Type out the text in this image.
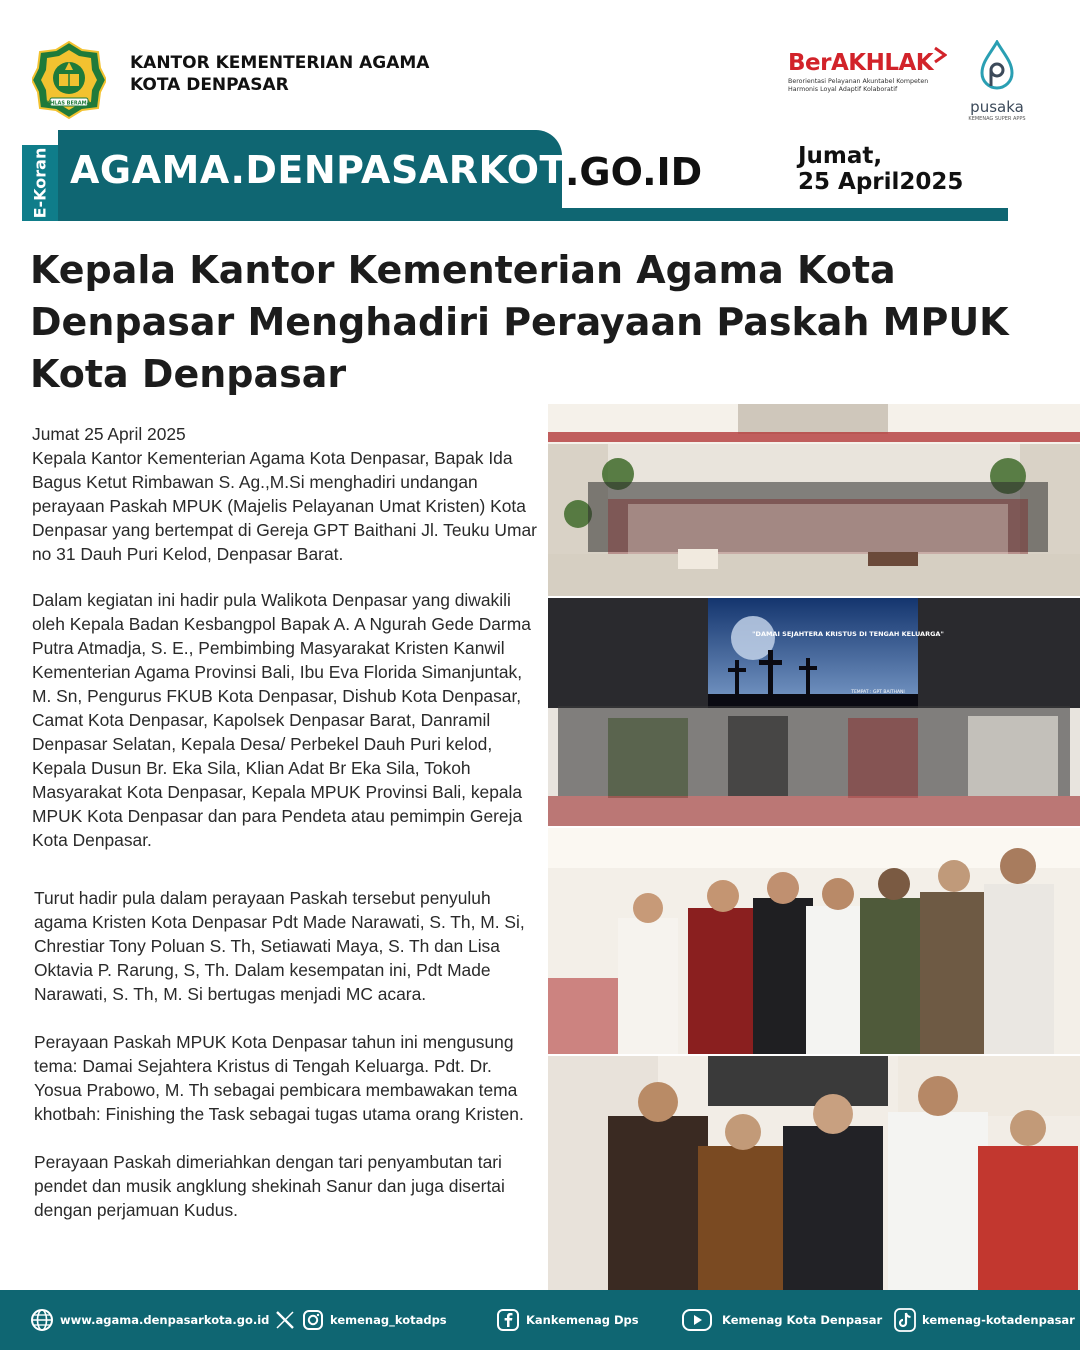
IKHLAS BERAMAL
KANTOR KEMENTERIAN AGAMA
KOTA DENPASAR
BerAKHLAK
Berorientasi Pelayanan Akuntabel Kompeten
Harmonis Loyal Adaptif Kolaboratif
pusaka
KEMENAG SUPER APPS
E-Koran AGAMA.DENPASARKOTA
.GO.ID	Jumat,
25 April2025
Kepala Kantor Kementerian Agama Kota Denpasar Menghadiri Perayaan Paskah MPUK Kota Denpasar

Jumat 25 April 2025

Kepala Kantor Kementerian Agama Kota Denpasar, Bapak Ida Bagus Ketut Rimbawan S. Ag.,M.Si menghadiri undangan perayaan Paskah MPUK (Majelis Pelayanan Umat Kristen) Kota Denpasar yang bertempat di Gereja GPT Baithani Jl. Teuku Umar no 31 Dauh Puri Kelod, Denpasar Barat.

Dalam kegiatan ini hadir pula Walikota Denpasar yang diwakili oleh Kepala Badan Kesbangpol Bapak A. A Ngurah Gede Darma Putra Atmadja, S. E., Pembimbing Masyarakat Kristen Kanwil Kementerian Agama Provinsi Bali, Ibu Eva Florida Simanjuntak, M. Sn, Pengurus FKUB Kota Denpasar, Dishub Kota Denpasar, Camat Kota Denpasar, Kapolsek Denpasar Barat, Danramil Denpasar Selatan, Kepala Desa/ Perbekel Dauh Puri kelod, Kepala Dusun Br. Eka Sila, Klian Adat Br Eka Sila, Tokoh Masyarakat Kota Denpasar, Kepala MPUK Provinsi Bali, kepala MPUK Kota Denpasar dan para Pendeta atau pemimpin Gereja Kota Denpasar.

Turut hadir pula dalam perayaan Paskah tersebut penyuluh agama Kristen Kota Denpasar Pdt Made Narawati, S. Th, M. Si, Chrestiar Tony Poluan S. Th, Setiawati Maya, S. Th dan Lisa Oktavia P. Rarung, S, Th. Dalam kesempatan ini, Pdt Made Narawati, S. Th, M. Si bertugas menjadi MC acara.

Perayaan Paskah MPUK Kota Denpasar tahun ini mengusung tema: Damai Sejahtera Kristus di Tengah Keluarga. Pdt. Dr. Yosua Prabowo, M. Th sebagai pembicara membawakan tema khotbah: Finishing the Task sebagai tugas utama orang Kristen.

Perayaan Paskah dimeriahkan dengan tari penyambutan tari pendet dan musik angklung shekinah Sanur dan juga disertai dengan perjamuan Kudus.

"DAMAI SEJAHTERA KRISTUS DI TENGAH KELUARGA"
TEMPAT : GPT BAITHANI
www.agama.denpasarkota.go.id	kemenag_kotadps	Kankemenag Dps	Kemenag Kota Denpasar	kemenag-kotadenpasar
